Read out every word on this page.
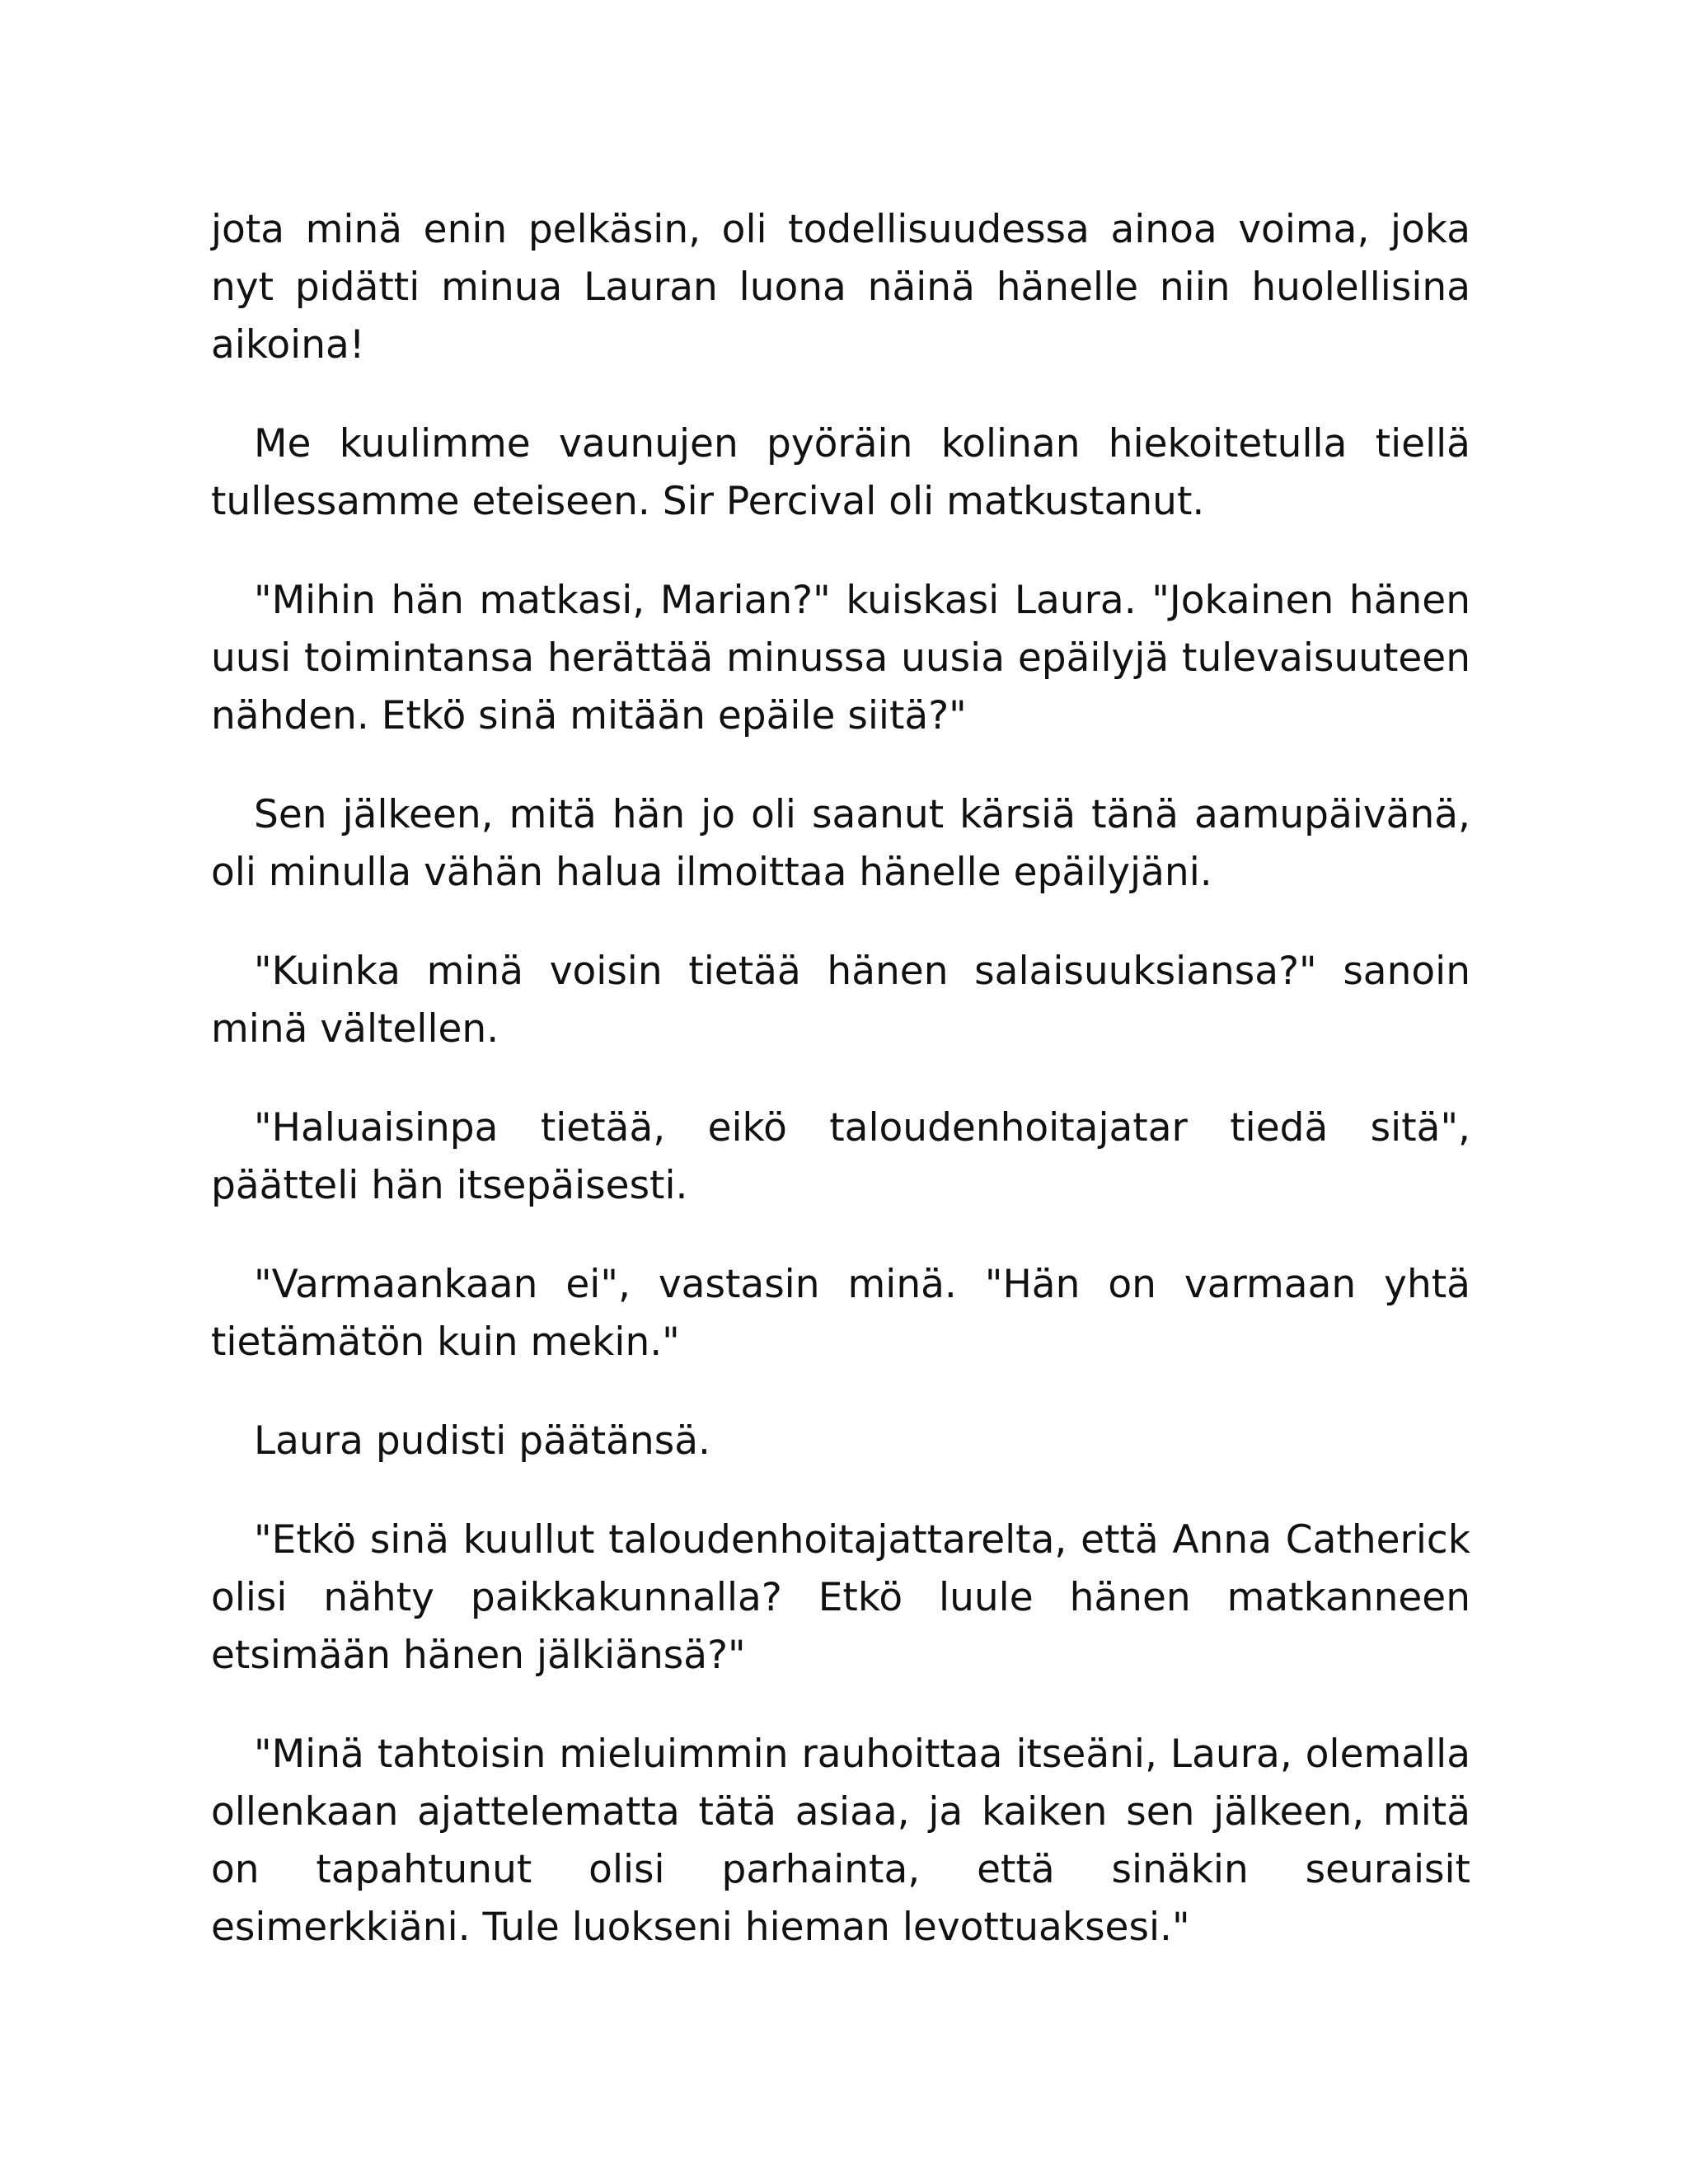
jota minä enin pelkäsin, oli todellisuudessa ainoa voima, joka nyt pidätti minua Lauran luona näinä hänelle niin huolellisina aikoina!

Me kuulimme vaunujen pyöräin kolinan hiekoitetulla tiellä tullessamme eteiseen. Sir Percival oli matkustanut.

"Mihin hän matkasi, Marian?" kuiskasi Laura. "Jokainen hänen uusi toimintansa herättää minussa uusia epäilyjä tulevaisuuteen nähden. Etkö sinä mitään epäile siitä?"

Sen jälkeen, mitä hän jo oli saanut kärsiä tänä aamupäivänä, oli minulla vähän halua ilmoittaa hänelle epäilyjäni.

"Kuinka minä voisin tietää hänen salaisuuksiansa?" sanoin minä vältellen.

"Haluaisinpa tietää, eikö taloudenhoitajatar tiedä sitä", päätteli hän itsepäisesti.

"Varmaankaan ei", vastasin minä. "Hän on varmaan yhtä tietämätön kuin mekin."

Laura pudisti päätänsä.

"Etkö sinä kuullut taloudenhoitajattarelta, että Anna Catherick olisi nähty paikkakunnalla? Etkö luule hänen matkanneen etsimään hänen jälkiänsä?"

"Minä tahtoisin mieluimmin rauhoittaa itseäni, Laura, olemalla ollenkaan ajattelematta tätä asiaa, ja kaiken sen jälkeen, mitä on tapahtunut olisi parhainta, että sinäkin seuraisit esimerkkiäni. Tule luokseni hieman levottuaksesi."
